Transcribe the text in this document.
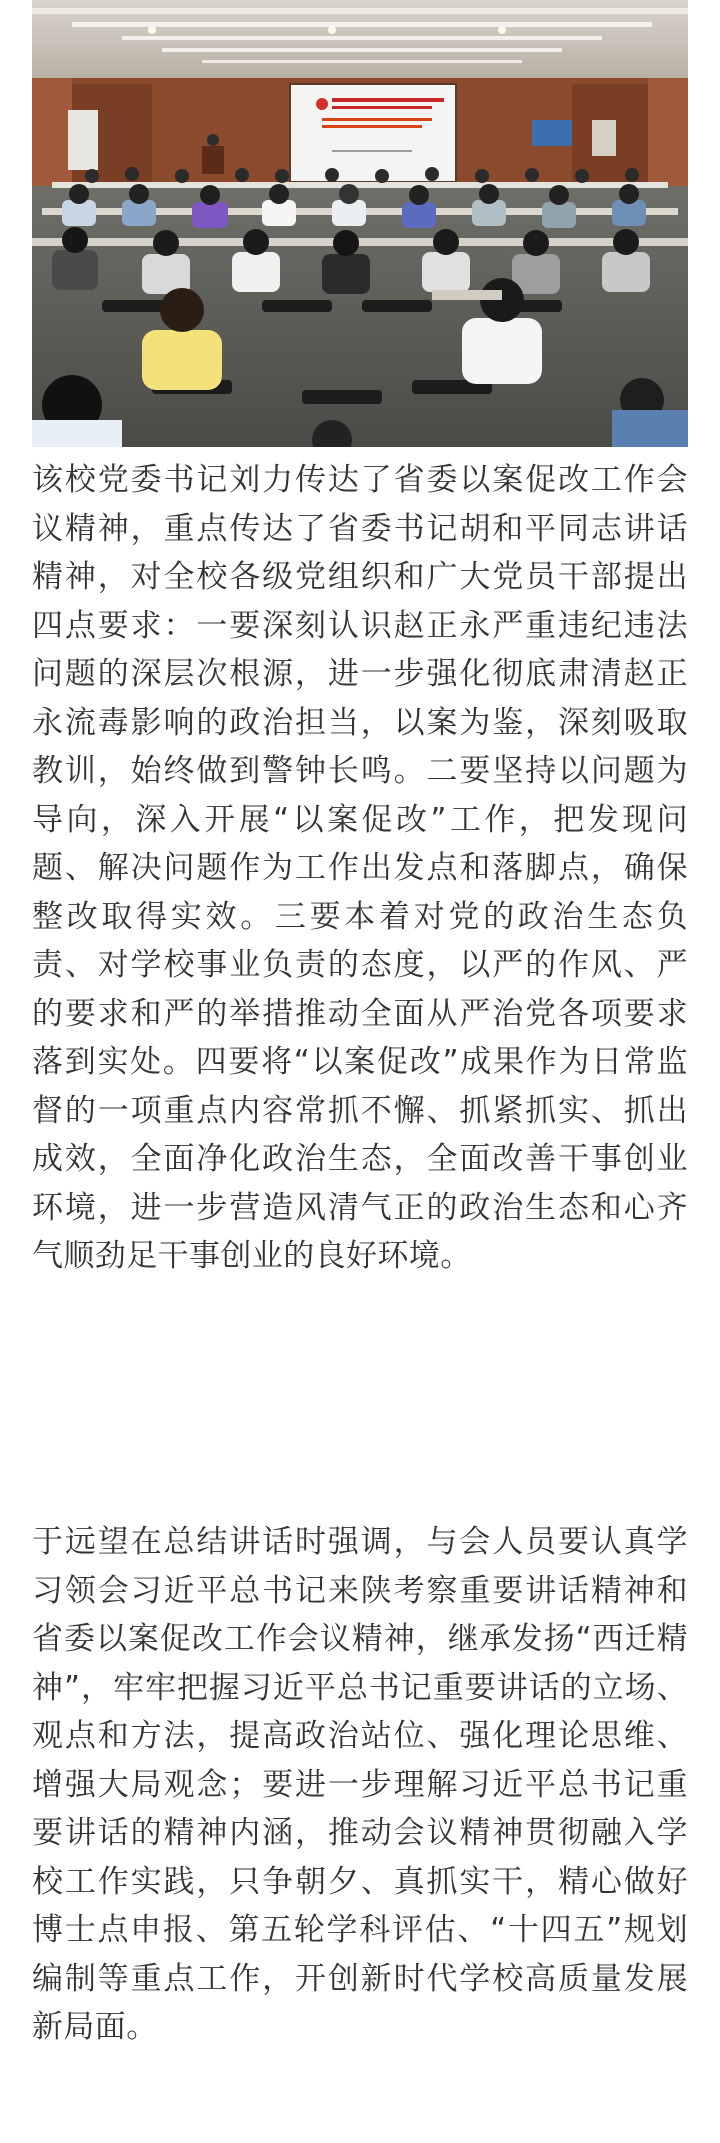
该校党委书记刘力传达了省委以案促改工作会议精神，重点传达了省委书记胡和平同志讲话精神，对全校各级党组织和广大党员干部提出四点要求：一要深刻认识赵正永严重违纪违法问题的深层次根源，进一步强化彻底肃清赵正永流毒影响的政治担当，以案为鉴，深刻吸取教训，始终做到警钟长鸣。二要坚持以问题为导向，深入开展“以案促改”工作，把发现问题、解决问题作为工作出发点和落脚点，确保整改取得实效。三要本着对党的政治生态负责、对学校事业负责的态度，以严的作风、严的要求和严的举措推动全面从严治党各项要求落到实处。四要将“以案促改”成果作为日常监督的一项重点内容常抓不懈、抓紧抓实、抓出成效，全面净化政治生态，全面改善干事创业环境，进一步营造风清气正的政治生态和心齐气顺劲足干事创业的良好环境。

于远望在总结讲话时强调，与会人员要认真学习领会习近平总书记来陕考察重要讲话精神和省委以案促改工作会议精神，继承发扬“西迁精神”，牢牢把握习近平总书记重要讲话的立场、观点和方法，提高政治站位、强化理论思维、增强大局观念；要进一步理解习近平总书记重要讲话的精神内涵，推动会议精神贯彻融入学校工作实践，只争朝夕、真抓实干，精心做好博士点申报、第五轮学科评估、“十四五”规划编制等重点工作，开创新时代学校高质量发展新局面。
